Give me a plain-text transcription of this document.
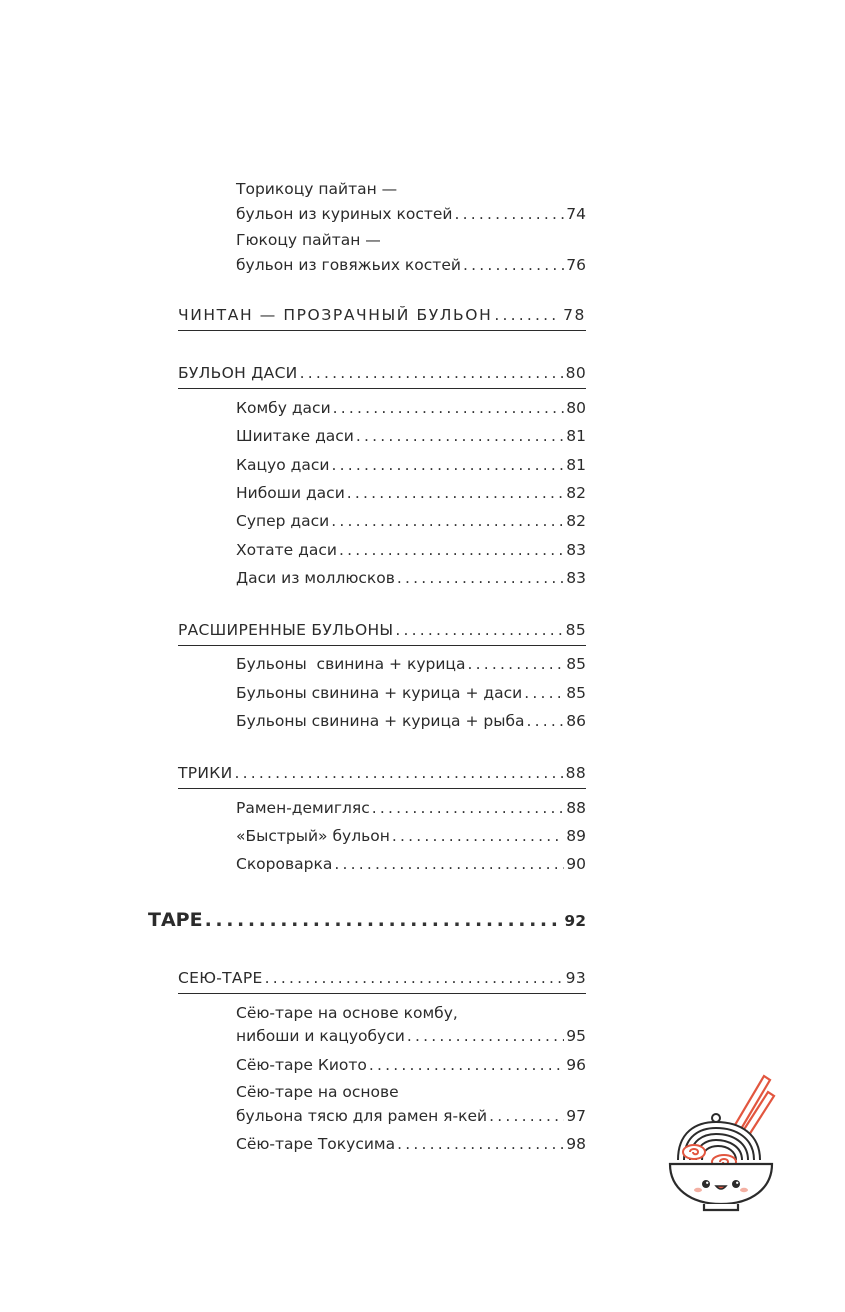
Торикоцу пайтан —
бульон из куриных костей .....	74
Гюкоцу пайтан —
бульон из говяжьих костей .....	76
ЧИНТАН — ПРОЗРАЧНЫЙ БУЛЬОН .....	78
БУЛЬОН ДАСИ .....	80
Комбу даси .....	80
Шиитаке даси .....	81
Кацуо даси .....	81
Нибоши даси .....	82
Супер даси .....	82
Хотате даси .....	83
Даси из моллюсков .....	83
РАСШИРЕННЫЕ БУЛЬОНЫ .....	85
Бульоны  свинина + курица .....	85
Бульоны свинина + курица + даси .....	85
Бульоны свинина + курица + рыба .....	86
ТРИКИ .....	88
Рамен-демигляс .....	88
«Быстрый» бульон .....	89
Скороварка .....	90
ТАРЕ .....	92
СЕЮ-ТАРЕ .....	93
Сёю-таре на основе комбу,
нибоши и кацуобуси .....	95
Сёю-таре Киото .....	96
Сёю-таре на основе
бульона тясю для рамен я-кей .....	97
Сёю-таре Токусима .....	98
